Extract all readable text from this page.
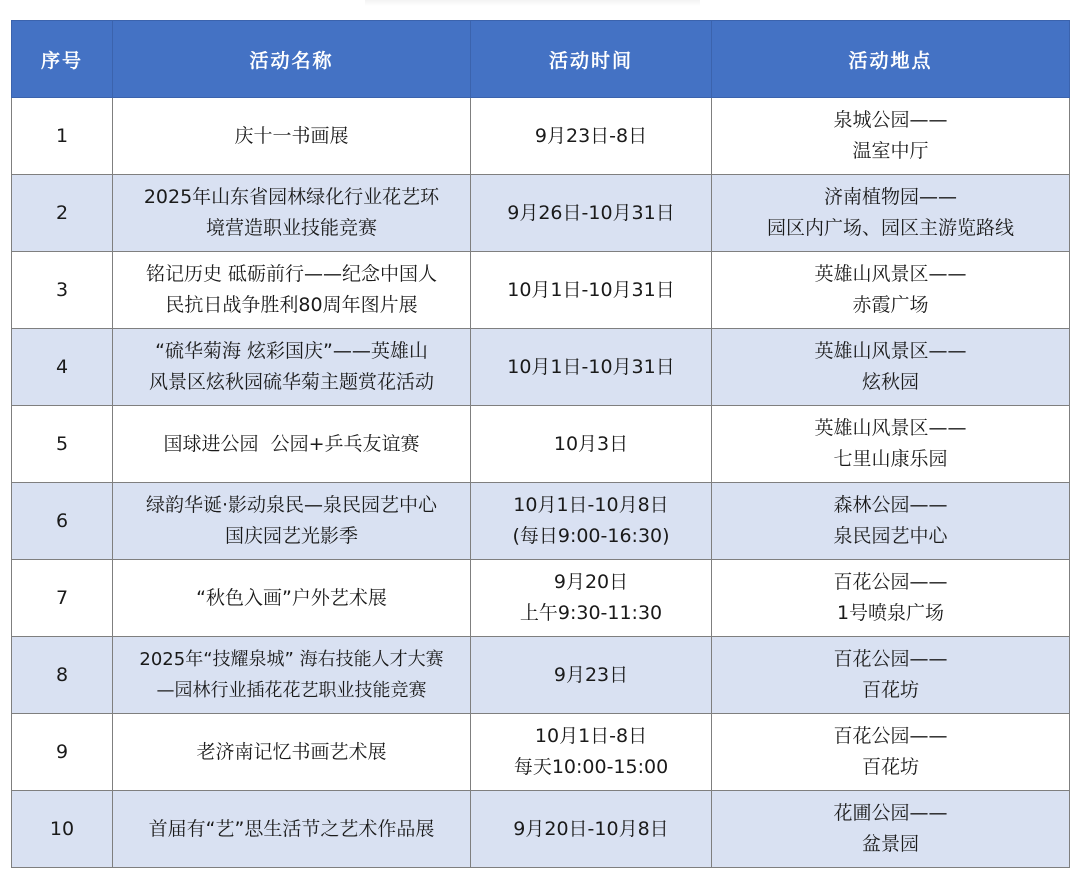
序号	活动名称	活动时间	活动地点
1	庆十一书画展	9月23日-8日	泉城公园——
温室中厅

2	2025年山东省园林绿化行业花艺环
境营造职业技能竞赛	9月26日-10月31日	济南植物园——
园区内广场、园区主游览路线

3	铭记历史 砥砺前行——纪念中国人
民抗日战争胜利80周年图片展	10月1日-10月31日	英雄山风景区——
赤霞广场

4	“硫华菊海 炫彩国庆”——英雄山
风景区炫秋园硫华菊主题赏花活动	10月1日-10月31日	英雄山风景区——
炫秋园

5	国球进公园  公园+乒乓友谊赛	10月3日	英雄山风景区——
七里山康乐园

6	绿韵华诞·影动泉民—泉民园艺中心
国庆园艺光影季	10月1日-10月8日
(每日9:00-16:30)	森林公园——
泉民园艺中心

7	“秋色入画”户外艺术展	9月20日
上午9:30-11:30	百花公园——
1号喷泉广场

8	2025年“技耀泉城” 海右技能人才大赛
—园林行业插花花艺职业技能竞赛	9月23日	百花公园——
百花坊

9	老济南记忆书画艺术展	10月1日-8日
每天10:00-15:00	百花公园——
百花坊

10	首届有“艺”思生活节之艺术作品展	9月20日-10月8日	花圃公园——
盆景园
